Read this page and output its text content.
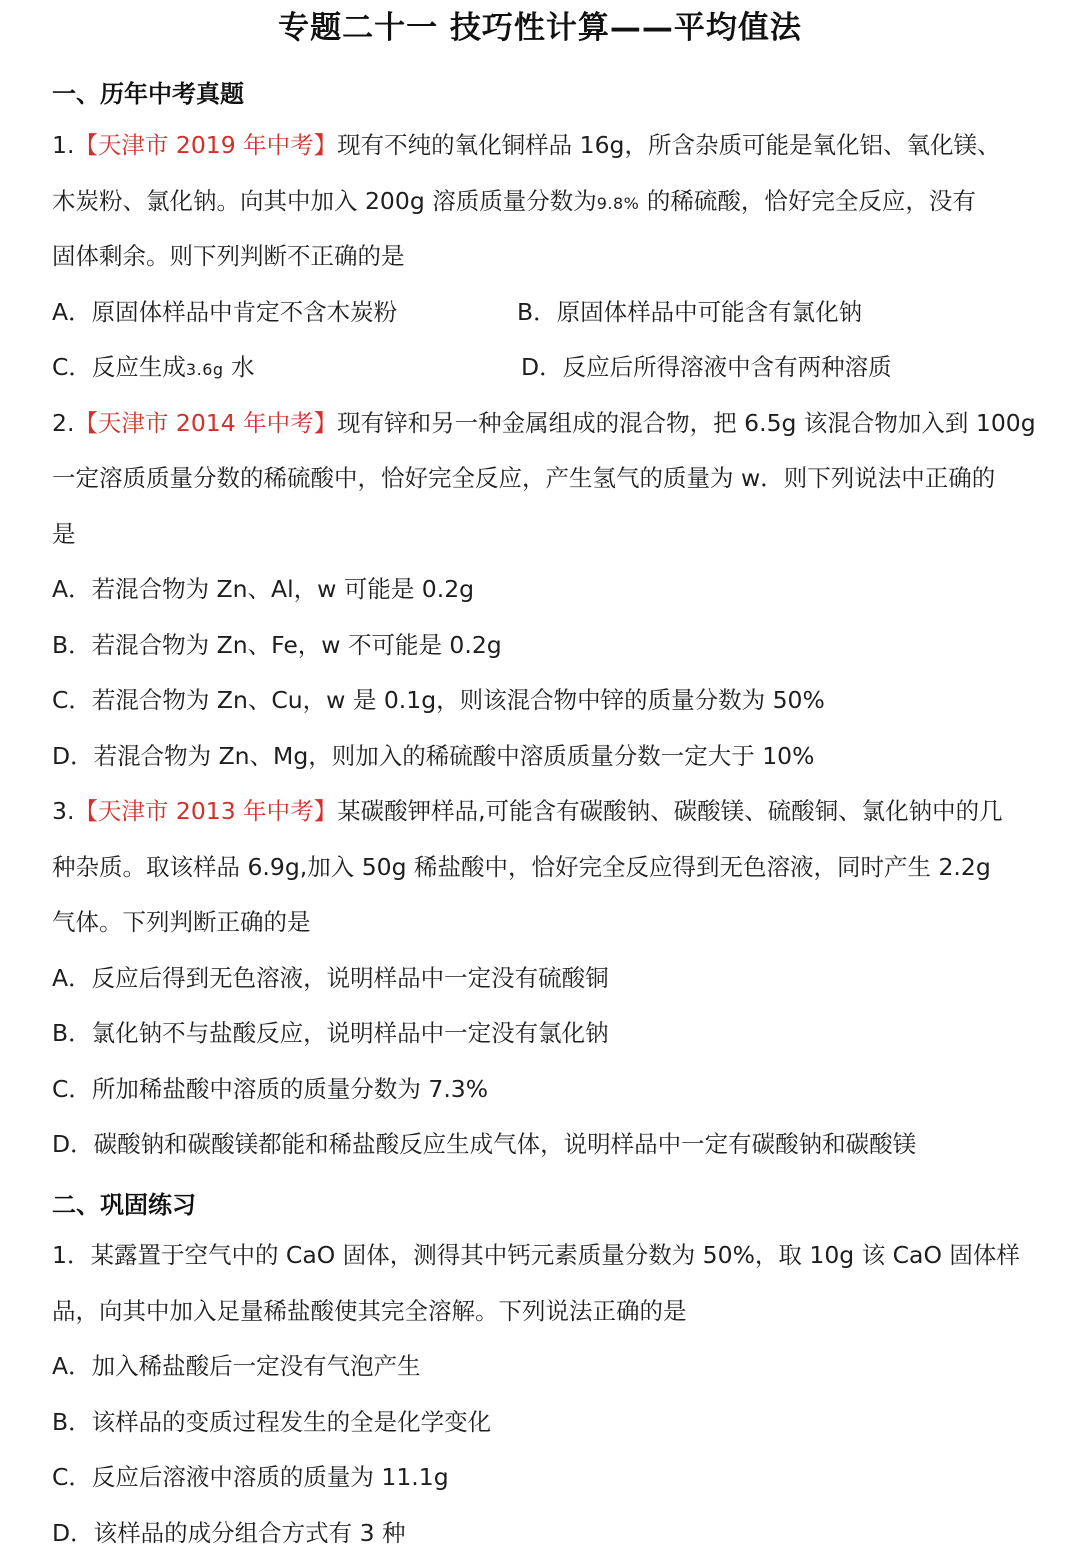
专题二十一 技巧性计算——平均值法
一、历年中考真题
1.【天津市 2019 年中考】现有不纯的氧化铜样品 16g，所含杂质可能是氧化铝、氧化镁、
木炭粉、氯化钠。向其中加入 200g 溶质质量分数为9.8% 的稀硫酸，恰好完全反应，没有
固体剩余。则下列判断不正确的是
A．原固体样品中肯定不含木炭粉	B．原固体样品中可能含有氯化钠
C．反应生成3.6g 水	D．反应后所得溶液中含有两种溶质
2.【天津市 2014 年中考】现有锌和另一种金属组成的混合物，把 6.5g 该混合物加入到 100g
一定溶质质量分数的稀硫酸中，恰好完全反应，产生氢气的质量为 w．则下列说法中正确的
是
A．若混合物为 Zn、Al，w 可能是 0.2g
B．若混合物为 Zn、Fe，w 不可能是 0.2g
C．若混合物为 Zn、Cu，w 是 0.1g，则该混合物中锌的质量分数为 50%
D．若混合物为 Zn、Mg，则加入的稀硫酸中溶质质量分数一定大于 10%
3.【天津市 2013 年中考】某碳酸钾样品,可能含有碳酸钠、碳酸镁、硫酸铜、氯化钠中的几
种杂质。取该样品 6.9g,加入 50g 稀盐酸中，恰好完全反应得到无色溶液，同时产生 2.2g
气体。下列判断正确的是
A．反应后得到无色溶液，说明样品中一定没有硫酸铜
B．氯化钠不与盐酸反应，说明样品中一定没有氯化钠
C．所加稀盐酸中溶质的质量分数为 7.3%
D．碳酸钠和碳酸镁都能和稀盐酸反应生成气体，说明样品中一定有碳酸钠和碳酸镁
二、巩固练习
1．某露置于空气中的 CaO 固体，测得其中钙元素质量分数为 50%，取 10g 该 CaO 固体样
品，向其中加入足量稀盐酸使其完全溶解。下列说法正确的是
A．加入稀盐酸后一定没有气泡产生
B．该样品的变质过程发生的全是化学变化
C．反应后溶液中溶质的质量为 11.1g
D．该样品的成分组合方式有 3 种
